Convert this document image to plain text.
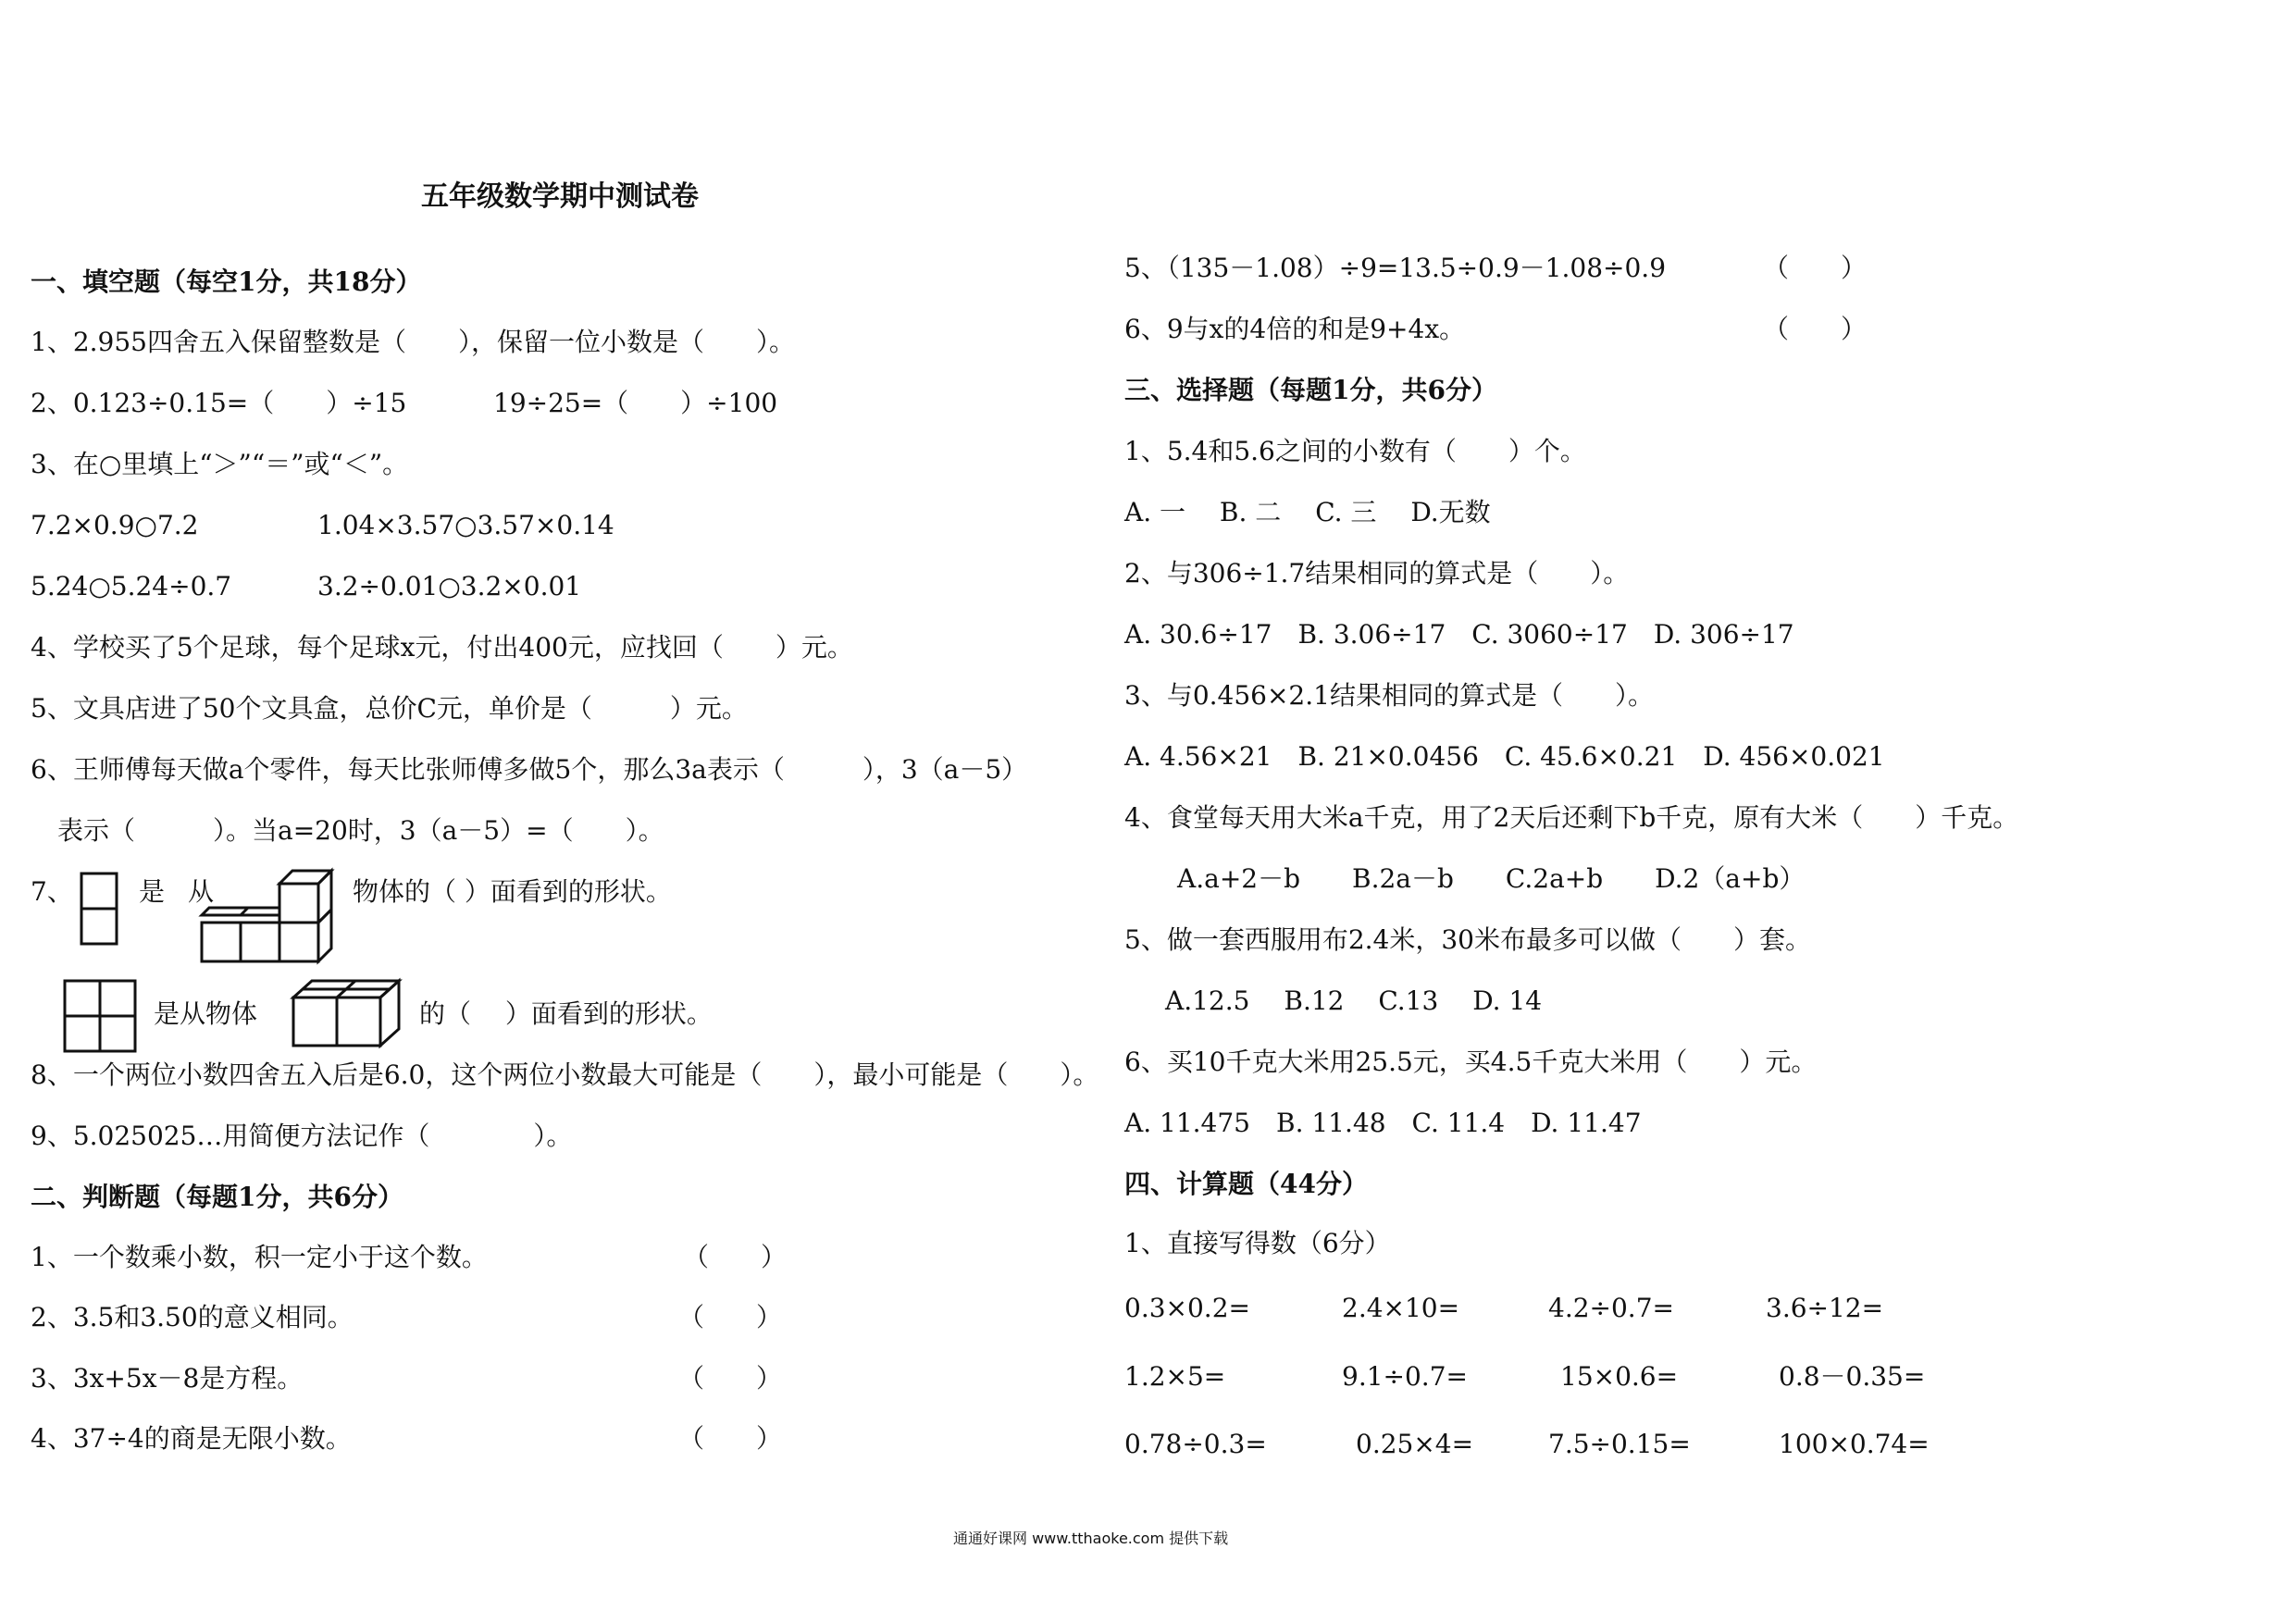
五年级数学期中测试卷
一、填空题（每空1分，共18分）
1、2.955四舍五入保留整数是（　　），保留一位小数是（　　）。
2、0.123÷0.15=（　　）÷15	19÷25=（　　）÷100
3、在○里填上“＞”“＝”或“＜”。
7.2×0.9○7.2	1.04×3.57○3.57×0.14
5.24○5.24÷0.7	3.2÷0.01○3.2×0.01
4、学校买了5个足球，每个足球x元，付出400元，应找回（　　）元。
5、文具店进了50个文具盒，总价C元，单价是（　　　）元。
6、王师傅每天做a个零件，每天比张师傅多做5个，那么3a表示（　　　），3（a－5）
表示（　　　）。当a=20时，3（a－5）=（　　）。
7、	是 从	物体的（ ）面看到的形状。
是从物体	的（　 ）面看到的形状。
8、一个两位小数四舍五入后是6.0，这个两位小数最大可能是（　　），最小可能是（　　）。
9、5.025025…用简便方法记作（　　　　）。
二、判断题（每题1分，共6分）
1、一个数乘小数，积一定小于这个数。	（　　）
2、3.5和3.50的意义相同。	（　　）
3、3x+5x－8是方程。	（　　）
4、37÷4的商是无限小数。	（　　）
5、（135－1.08）÷9=13.5÷0.9－1.08÷0.9	（　　）
6、9与x的4倍的和是9+4x。	（　　）
三、选择题（每题1分，共6分）
1、5.4和5.6之间的小数有（　　）个。
A. 一　 B. 二　 C. 三　 D.无数
2、与306÷1.7结果相同的算式是（　　）。
A. 30.6÷17　B. 3.06÷17　C. 3060÷17　D. 306÷17
3、与0.456×2.1结果相同的算式是（　　）。
A. 4.56×21　B. 21×0.0456　C. 45.6×0.21　D. 456×0.021
4、食堂每天用大米a千克，用了2天后还剩下b千克，原有大米（　　）千克。
A.a+2－b　　B.2a－b　　C.2a+b　　D.2（a+b）
5、做一套西服用布2.4米，30米布最多可以做（　　）套。
A.12.5　 B.12　 C.13　 D. 14
6、买10千克大米用25.5元，买4.5千克大米用（　　）元。
A. 11.475　B. 11.48　C. 11.4　D. 11.47
四、计算题（44分）
1、直接写得数（6分）
0.3×0.2=	2.4×10=	4.2÷0.7=	3.6÷12=
1.2×5=	9.1÷0.7=	15×0.6=	0.8－0.35=
0.78÷0.3=	0.25×4=	7.5÷0.15=	100×0.74=
通通好课网 www.tthaoke.com 提供下载
